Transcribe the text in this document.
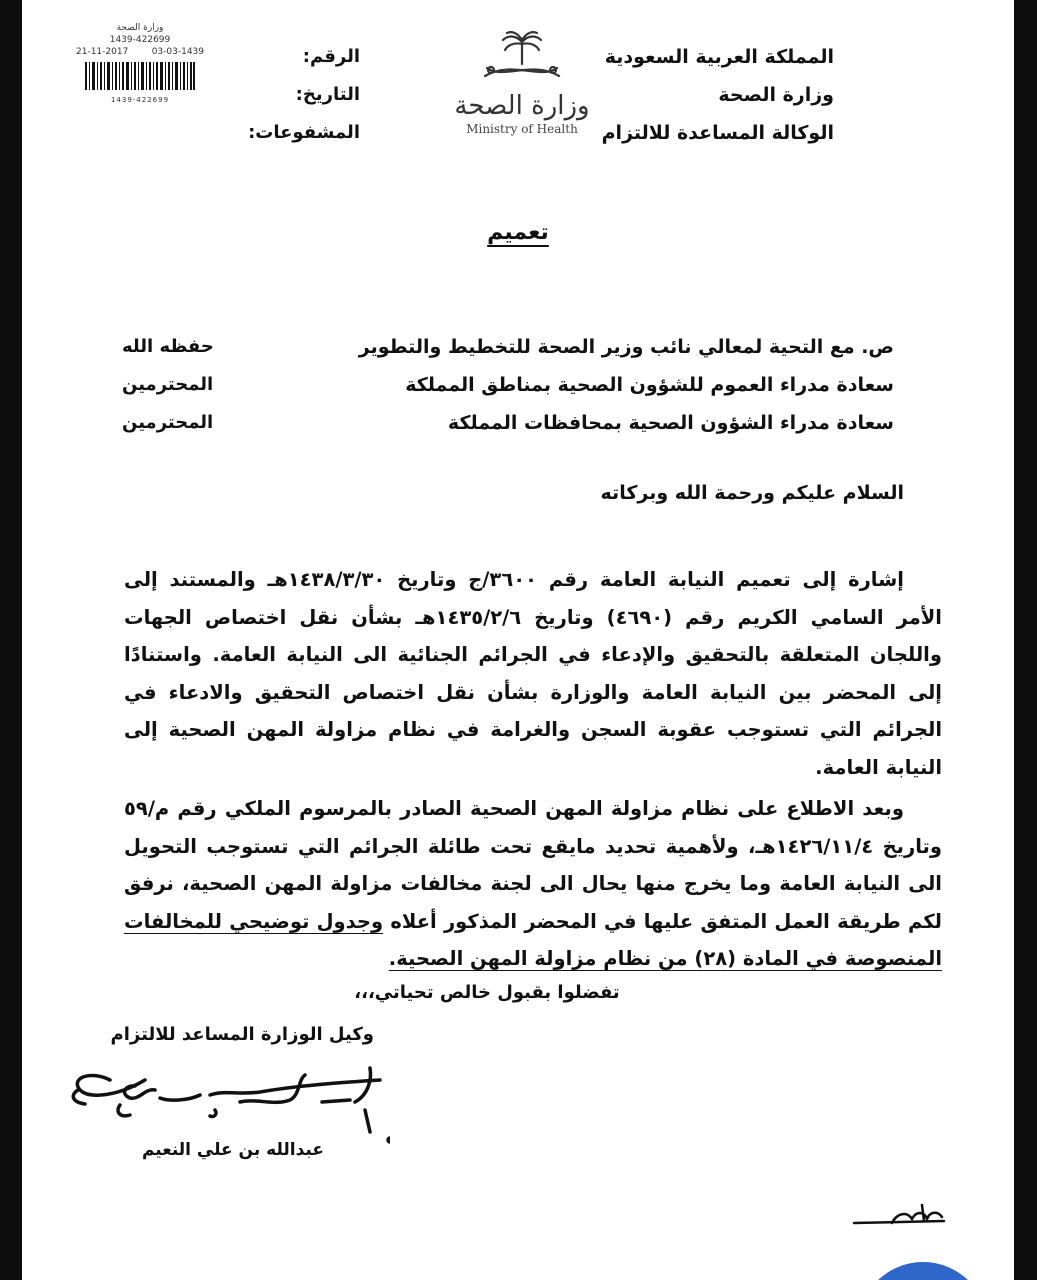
وزارة الصحة
1439-422699
21-11-2017	03-03-1439
1439-422699
الرقم:
التاريخ:
المشفوعات:
وزارة الصحة
Ministry of Health
المملكة العربية السعودية
وزارة الصحة
الوكالة المساعدة للالتزام
تعميم
ص. مع التحية لمعالي نائب وزير الصحة للتخطيط والتطوير
حفظه الله
سعادة مدراء العموم للشؤون الصحية بمناطق المملكة
المحترمين
سعادة مدراء الشؤون الصحية بمحافظات المملكة
المحترمين
السلام عليكم ورحمة الله وبركاته

إشارة إلى تعميم النيابة العامة رقم ٣٦٠٠/ج وتاريخ ١٤٣٨/٣/٣٠هـ والمستند إلى الأمر السامي الكريم رقم (٤٦٩٠) وتاريخ ١٤٣٥/٢/٦هـ بشأن نقل اختصاص الجهات واللجان المتعلقة بالتحقيق والإدعاء في الجرائم الجنائية الى النيابة العامة. واستنادًا إلى المحضر بين النيابة العامة والوزارة بشأن نقل اختصاص التحقيق والادعاء في الجرائم التي تستوجب عقوبة السجن والغرامة في نظام مزاولة المهن الصحية إلى النيابة العامة.

وبعد الاطلاع على نظام مزاولة المهن الصحية الصادر بالمرسوم الملكي رقم م/٥٩ وتاريخ ١٤٢٦/١١/٤هـ، ولأهمية تحديد مايقع تحت طائلة الجرائم التي تستوجب التحويل الى النيابة العامة وما يخرج منها يحال الى لجنة مخالفات مزاولة المهن الصحية، نرفق لكم طريقة العمل المتفق عليها في المحضر المذكور أعلاه وجدول توضيحي للمخالفات المنصوصة في المادة (٢٨) من نظام مزاولة المهن الصحية.

تفضلوا بقبول خالص تحياتي،،،
وكيل الوزارة المساعد للالتزام
عبدالله بن علي النعيم
